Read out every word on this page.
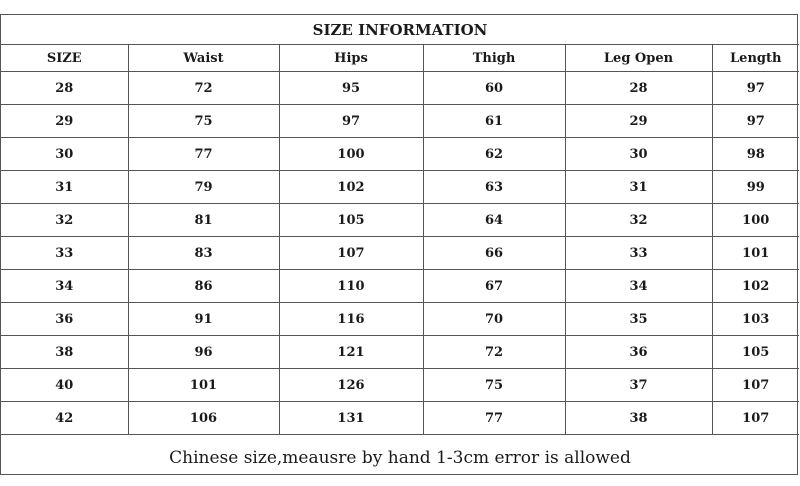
SIZE INFORMATION					
SIZE	Waist	Hips	Thigh	Leg Open	Length
28	72	95	60	28	97
29	75	97	61	29	97
30	77	100	62	30	98
31	79	102	63	31	99
32	81	105	64	32	100
33	83	107	66	33	101
34	86	110	67	34	102
36	91	116	70	35	103
38	96	121	72	36	105
40	101	126	75	37	107
42	106	131	77	38	107
Chinese size,meausre by hand 1-3cm error is allowed					
